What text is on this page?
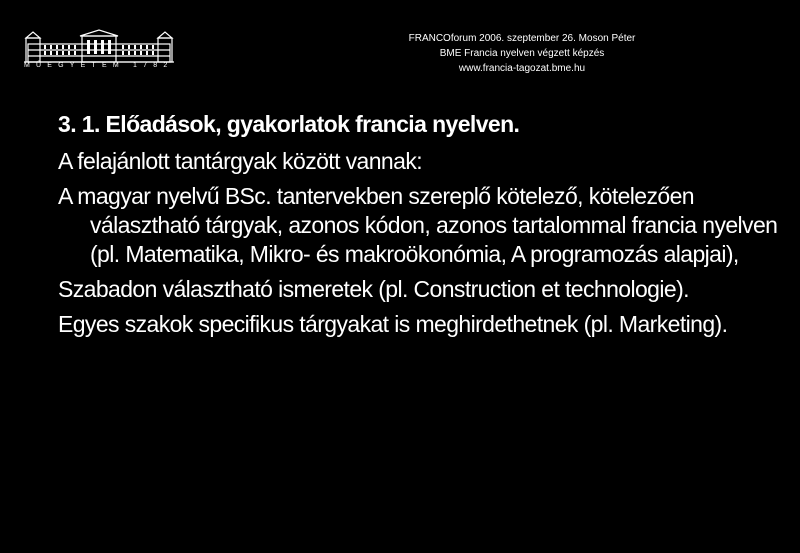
MŰEGYETEM 1782
FRANCOforum 2006. szeptember 26. Moson Péter
BME Francia nyelven végzett képzés
www.francia-tagozat.bme.hu
3. 1. Előadások, gyakorlatok francia nyelven.
A felajánlott tantárgyak között vannak:
A magyar nyelvű BSc. tantervekben szereplő kötelező, kötelezően választható tárgyak, azonos kódon, azonos tartalommal francia nyelven (pl. Matematika, Mikro- és makroökonómia, A programozás alapjai),
Szabadon választható ismeretek (pl. Construction et technologie).
Egyes szakok specifikus tárgyakat is meghirdethetnek (pl. Marketing).
